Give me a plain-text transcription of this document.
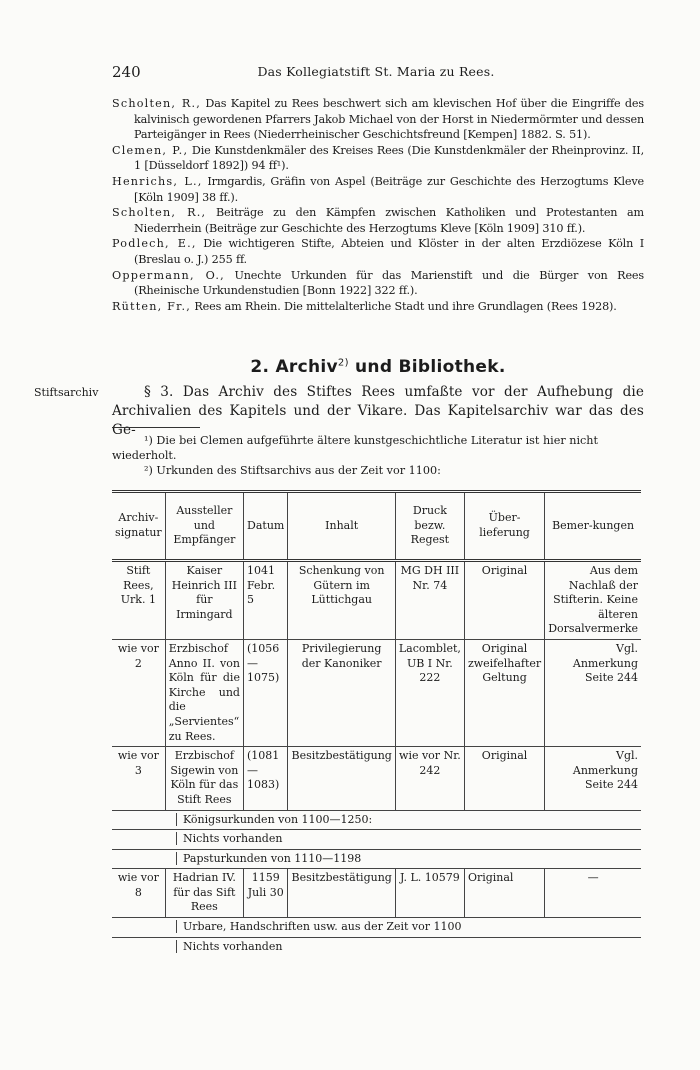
240	Das Kollegiatstift St. Maria zu Rees.

Scholten, R., Das Kapitel zu Rees beschwert sich am klevischen Hof über die Eingriffe des kalvinisch gewordenen Pfarrers Jakob Michael von der Horst in Niedermörmter und dessen Parteigänger in Rees (Niederrheinischer Geschichtsfreund [Kempen] 1882. S. 51).

Clemen, P., Die Kunstdenkmäler des Kreises Rees (Die Kunstdenkmäler der Rheinprovinz. II, 1 [Düsseldorf 1892]) 94 ff¹).

Henrichs, L., Irmgardis, Gräfin von Aspel (Beiträge zur Geschichte des Herzogtums Kleve [Köln 1909] 38 ff.).

Scholten, R., Beiträge zu den Kämpfen zwischen Katholiken und Protestanten am Niederrhein (Beiträge zur Geschichte des Herzogtums Kleve [Köln 1909] 310 ff.).

Podlech, E., Die wichtigeren Stifte, Abteien und Klöster in der alten Erzdiözese Köln I (Breslau o. J.) 255 ff.

Oppermann, O., Unechte Urkunden für das Marienstift und die Bürger von Rees (Rheinische Urkundenstudien [Bonn 1922] 322 ff.).

Rütten, Fr., Rees am Rhein. Die mittelalterliche Stadt und ihre Grundlagen (Rees 1928).

2. Archiv$^{2)}$ und Bibliothek.
Stiftsarchiv	§ 3. Das Archiv des Stiftes Rees umfaßte vor der Aufhebung die Archivalien des Kapitels und der Vikare. Das Kapitelsarchiv war das des Ge-

¹) Die bei Clemen aufgeführte ältere kunstgeschichtliche Literatur ist hier nicht wiederholt.

²) Urkunden des Stiftsarchivs aus der Zeit vor 1100:

Archiv-signatur	Aussteller und Empfänger	Datum	Inhalt	Druck bezw. Regest	Über-lieferung	Bemer-kungen
Stift Rees, Urk. 1	Kaiser Heinrich III für Irmingard	1041 Febr. 5	Schenkung von Gütern im Lüttichgau	MG DH III Nr. 74	Original	Aus dem Nachlaß der Stifterin. Keine älteren Dorsalvermerke
wie vor 2	Erzbischof Anno II. von Köln für die Kirche und die „Servientes“ zu Rees.	(1056—1075)	Privilegierung der Kanoniker	Lacomblet, UB I Nr. 222	Original zweifelhafter Geltung	Vgl. Anmerkung Seite 244
wie vor 3	Erzbischof Sigewin von Köln für das Stift Rees	(1081—1083)	Besitzbestätigung	wie vor Nr. 242	Original	Vgl. Anmerkung Seite 244
Königsurkunden von 1100—1250:						
Nichts vorhanden						
Papsturkunden von 1110—1198						
wie vor 8	Hadrian IV. für das Sift Rees	1159 Juli 30	Besitzbestätigung	J. L. 10579	Original	—
Urbare, Handschriften usw. aus der Zeit vor 1100						
Nichts vorhanden						
